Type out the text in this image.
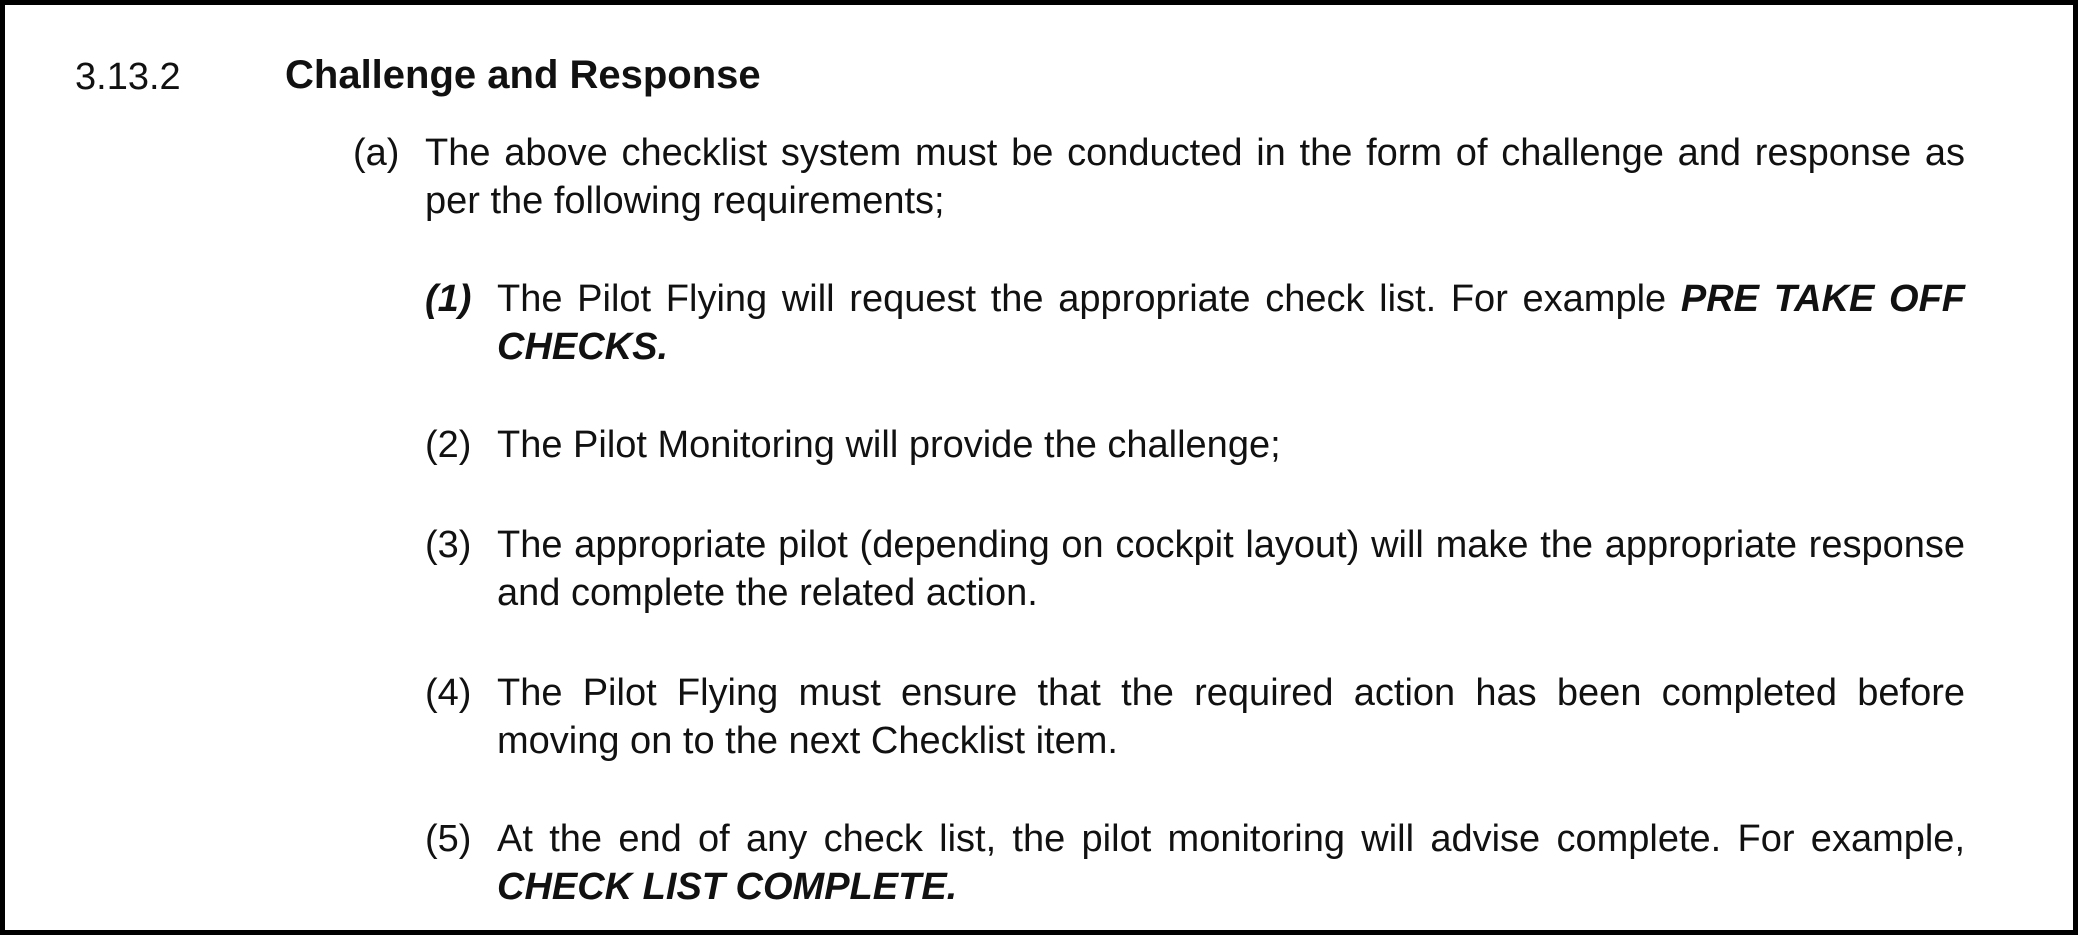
3.13.2	Challenge and Response
(a) The above checklist system must be conducted in the form of challenge and response as per the following requirements;
(1) The Pilot Flying will request the appropriate check list. For example PRE TAKE OFF CHECKS.
(2) The Pilot Monitoring will provide the challenge;
(3) The appropriate pilot (depending on cockpit layout) will make the appropriate response and complete the related action.
(4) The Pilot Flying must ensure that the required action has been completed before moving on to the next Checklist item.
(5) At the end of any check list, the pilot monitoring will advise complete. For example, CHECK LIST COMPLETE.
